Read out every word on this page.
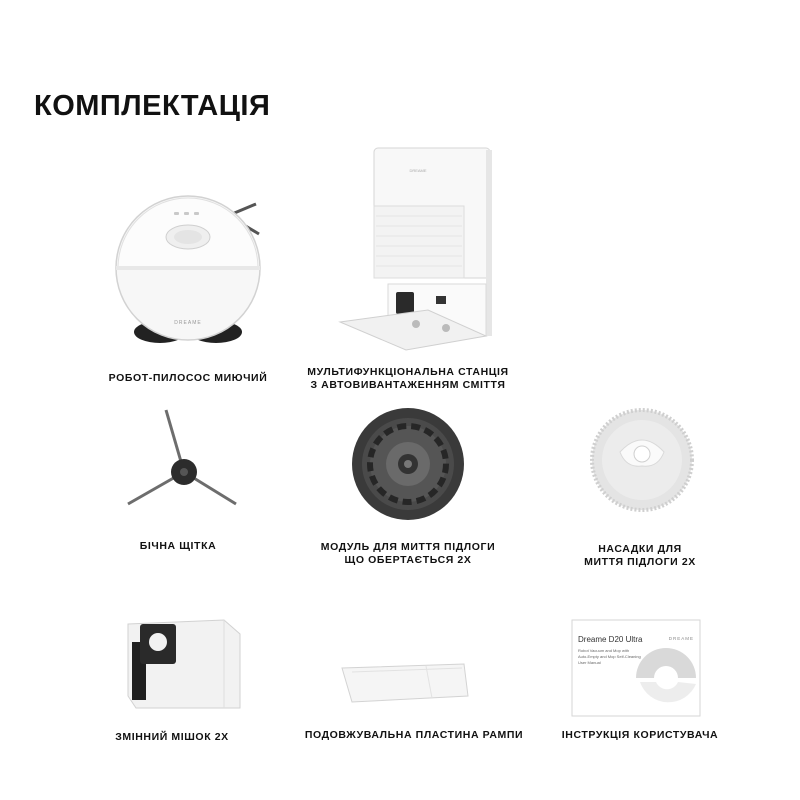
КОМПЛЕКТАЦІЯ
DREAME
РОБОТ-ПИЛОСОС МИЮЧИЙ
DREAME
МУЛЬТИФУНКЦІОНАЛЬНА СТАНЦІЯ
З АВТОВИВАНТАЖЕННЯМ СМІТТЯ
БІЧНА ЩІТКА	МОДУЛЬ ДЛЯ МИТТЯ ПІДЛОГИ
ЩО ОБЕРТАЄТЬСЯ 2Х
НАСАДКИ ДЛЯ
МИТТЯ ПІДЛОГИ 2Х
ЗМІННИЙ МІШОК 2Х	ПОДОВЖУВАЛЬНА ПЛАСТИНА РАМПИ
Dreame D20 Ultra	DREAME
Robot Vacuum and Mop with
Auto-Empty and Mop Self-Cleaning
User Manual
ІНСТРУКЦІЯ КОРИСТУВАЧА
